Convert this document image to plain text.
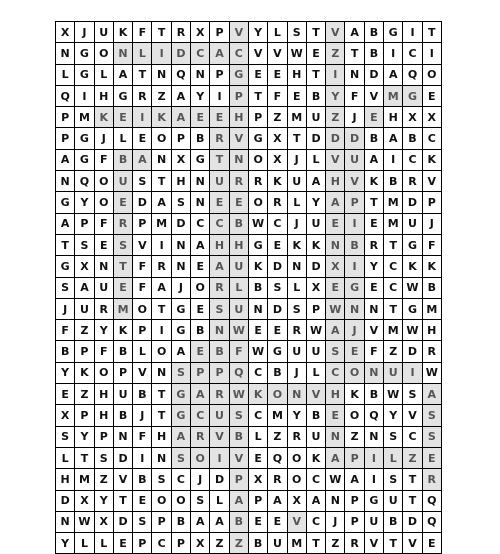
X	J	U K	F	T	R X	P	V	Y	L	S	T	V A B G	I	T
N G O N	L	I	D C	A	C	V V W E	Z	T	B	I	C	I
L	G	L	A	T N Q N P G	E	E H T	I	N D A Q O
Q	I	H G R	Z	A	Y	I	P	T	F	E	B	Y	F	V M G	E
P M K	E	I	K A	E	E H P	Z M U Z	J	E H X X
P G	J	L	E O P	B R V G X	T D D D B A B	C
A G	F	B A N X G	T N O X	J	L	V U A	I	C K
N Q O U S	T H N U R R K U A H V K B R V
G Y O E D A	S N E	E O R	L	Y	A	P	T M D P
A	P	F	R	P M D C	C	B W C	J	U	E	I	E M U	J
T	S	E	S	V	I	N A H H G	E	K K N B R	T	G	F
G X N T	F	R N E	A U K D N D X	I	Y	C K K
S	A U	E	F	A	J	O R	L	B	S	L	X	E	G	E	C W B
J	U R M O T	G	E	S U N D S	P W N N T	G M
F	Z	Y	K	P	I	G B N W E	E	R W A	J	V M W H
B	P	F	B	L	O A	E	B	F W G U U S	E	F	Z D R
Y	K O P	V N S	P	P Q C	B	J	L	C O N U	I	W
E	Z H U B	T	G A R W K O N V H K B W S	A
X	P H B	J	T	G C U S	C M Y	B	E O Q Y	V	S
S	Y	P N F H A R V B	L	Z	R U N Z N S	C	S
L	T	S D	I	N S O	I	V	E Q O K A	P	I	L	Z	E
H M Z	V B	S	C	J	D P	X R O C W A	I	S	T	R
D X	Y	T	E O O S	L	A	P	A X A N P G U	T Q
N W X D S	P	B A A B	E	E	V	C	J	P U B D Q
Y	L	L	E	P	C	P	X	Z	Z	B U M T	Z	R V	T	V	E
